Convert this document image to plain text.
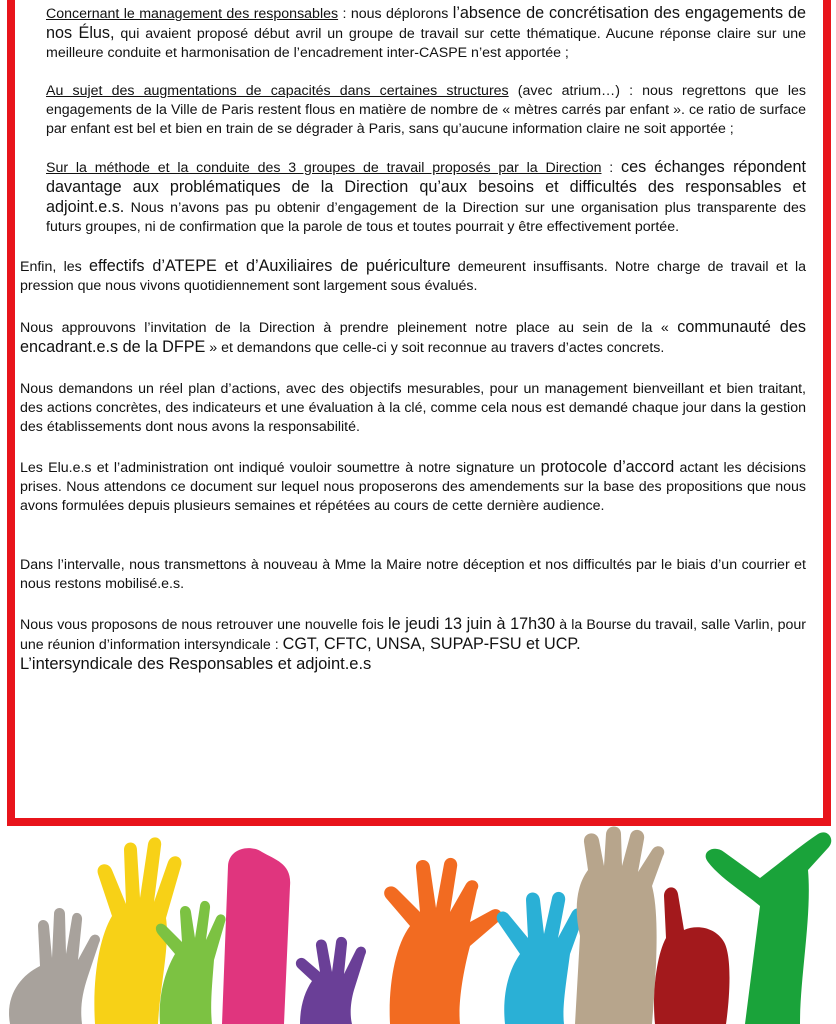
Concernant le management des responsables : nous déplorons l’absence de concrétisation des engagements de nos Élus, qui avaient proposé début avril un groupe de travail sur cette thématique. Aucune réponse claire sur une meilleure conduite et harmonisation de l’encadrement inter-CASPE n’est apportée ;

Au sujet des augmentations de capacités dans certaines structures (avec atrium…) : nous regrettons que les engagements de la Ville de Paris restent flous en matière de nombre de « mètres carrés par enfant ». ce ratio de surface par enfant est bel et bien en train de se dégrader à Paris, sans qu’aucune information claire ne soit apportée ;

Sur la méthode et la conduite des 3 groupes de travail proposés par la Direction : ces échanges répondent davantage aux problématiques de la Direction qu’aux besoins et difficultés des responsables et adjoint.e.s. Nous n’avons pas pu obtenir d’engagement de la Direction sur une organisation plus transparente des futurs groupes, ni de confirmation que la parole de tous et toutes pourrait y être effectivement portée.

Enfin, les effectifs d’ATEPE et d’Auxiliaires de puériculture demeurent insuffisants. Notre charge de travail et la pression que nous vivons quotidiennement sont largement sous évalués.

Nous approuvons l’invitation de la Direction à prendre pleinement notre place au sein de la « communauté des encadrant.e.s de la DFPE » et demandons que celle-ci y soit reconnue au travers d’actes concrets.

Nous demandons un réel plan d’actions, avec des objectifs mesurables, pour un management bienveillant et bien traitant, des actions concrètes, des indicateurs et une évaluation à la clé, comme cela nous est demandé chaque jour dans la gestion des établissements dont nous avons la responsabilité.

Les Elu.e.s et l’administration ont indiqué vouloir soumettre à notre signature un protocole d’accord actant les décisions prises. Nous attendons ce document sur lequel nous proposerons des amendements sur la base des propositions que nous avons formulées depuis plusieurs semaines et répétées au cours de cette dernière audience.

Dans l’intervalle, nous transmettons à nouveau à Mme la Maire notre déception et nos difficultés par le biais d’un courrier et nous restons mobilisé.e.s.

Nous vous proposons de nous retrouver une nouvelle fois le jeudi 13 juin à 17h30 à la Bourse du travail, salle Varlin, pour une réunion d’information intersyndicale : CGT, CFTC, UNSA, SUPAP-FSU et UCP.

L’intersyndicale des Responsables et adjoint.e.s
